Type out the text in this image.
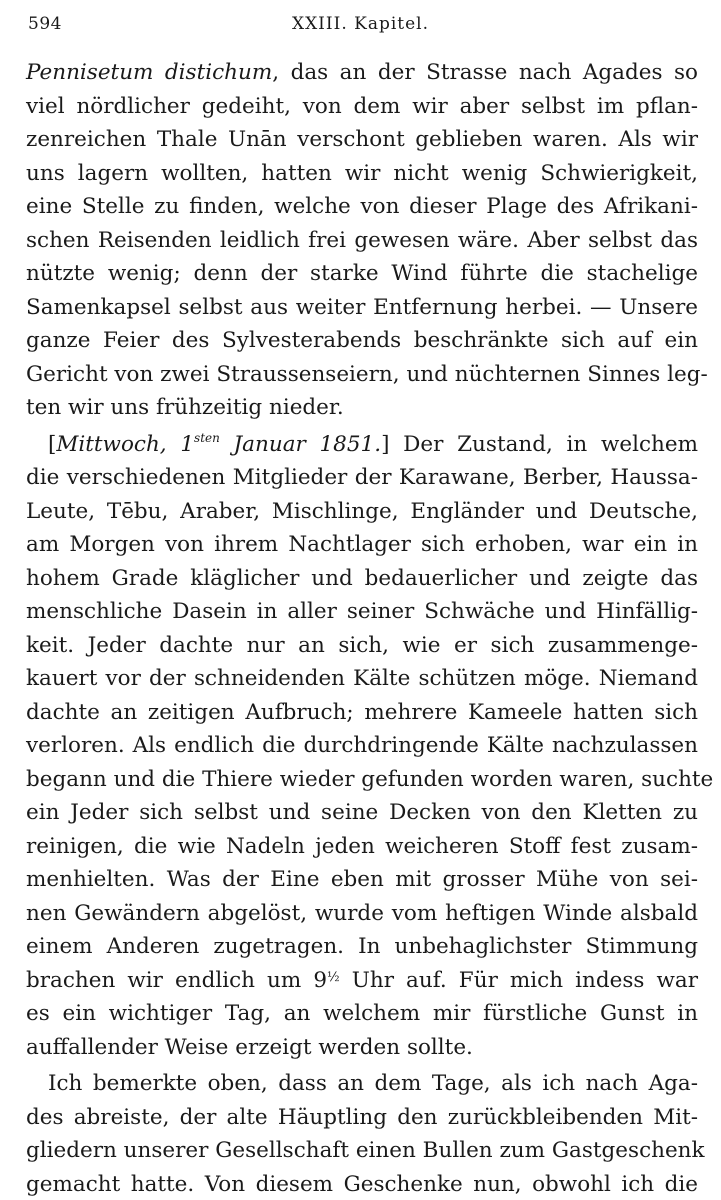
594	XXIII. Kapitel.
Pennisetum distichum, das an der Strasse nach Agades so
viel nördlicher gedeiht, von dem wir aber selbst im pflan-
zenreichen Thale Unān verschont geblieben waren. Als wir
uns lagern wollten, hatten wir nicht wenig Schwierigkeit,
eine Stelle zu finden, welche von dieser Plage des Afrikani-
schen Reisenden leidlich frei gewesen wäre. Aber selbst das
nützte wenig; denn der starke Wind führte die stachelige
Samenkapsel selbst aus weiter Entfernung herbei. — Unsere
ganze Feier des Sylvesterabends beschränkte sich auf ein
Gericht von zwei Straussenseiern, und nüchternen Sinnes leg-
ten wir uns frühzeitig nieder.
[Mittwoch, $1^{sten}$ Januar 1851.] Der Zustand, in welchem
die verschiedenen Mitglieder der Karawane, Berber, Haussa-
Leute, Tēbu, Araber, Mischlinge, Engländer und Deutsche,
am Morgen von ihrem Nachtlager sich erhoben, war ein in
hohem Grade kläglicher und bedauerlicher und zeigte das
menschliche Dasein in aller seiner Schwäche und Hinfällig-
keit. Jeder dachte nur an sich, wie er sich zusammenge-
kauert vor der schneidenden Kälte schützen möge. Niemand
dachte an zeitigen Aufbruch; mehrere Kameele hatten sich
verloren. Als endlich die durchdringende Kälte nachzulassen
begann und die Thiere wieder gefunden worden waren, suchte
ein Jeder sich selbst und seine Decken von den Kletten zu
reinigen, die wie Nadeln jeden weicheren Stoff fest zusam-
menhielten. Was der Eine eben mit grosser Mühe von sei-
nen Gewändern abgelöst, wurde vom heftigen Winde alsbald
einem Anderen zugetragen. In unbehaglichster Stimmung
brachen wir endlich um 9½ Uhr auf. Für mich indess war
es ein wichtiger Tag, an welchem mir fürstliche Gunst in
auffallender Weise erzeigt werden sollte.
Ich bemerkte oben, dass an dem Tage, als ich nach Aga-
des abreiste, der alte Häuptling den zurückbleibenden Mit-
gliedern unserer Gesellschaft einen Bullen zum Gastgeschenk
gemacht hatte. Von diesem Geschenke nun, obwohl ich die
